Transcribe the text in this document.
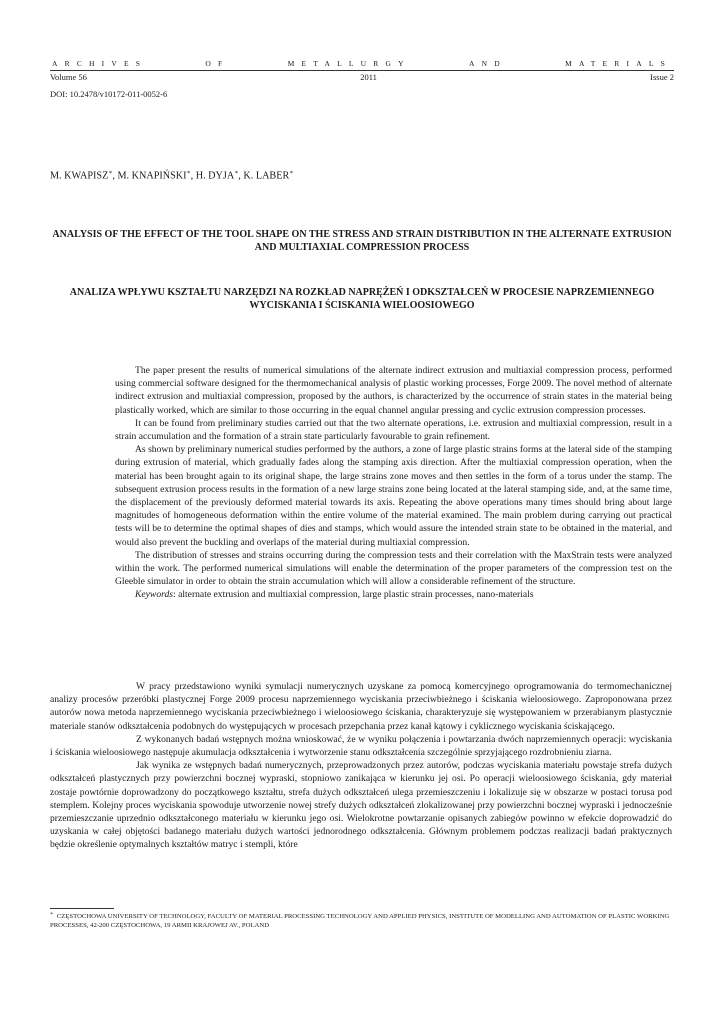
ARCHIVES	OF	METALLURGY	AND	MATERIALS
Volume 56	2011	Issue 2
DOI: 10.2478/v10172-011-0052-6
M. KWAPISZ∗, M. KNAPIŃSKI∗, H. DYJA∗, K. LABER∗
ANALYSIS OF THE EFFECT OF THE TOOL SHAPE ON THE STRESS AND STRAIN DISTRIBUTION IN THE ALTERNATE EXTRUSION AND MULTIAXIAL COMPRESSION PROCESS
ANALIZA WPŁYWU KSZTAŁTU NARZĘDZI NA ROZKŁAD NAPRĘŻEŃ I ODKSZTAŁCEŃ W PROCESIE NAPRZEMIENNEGO WYCISKANIA I ŚCISKANIA WIELOOSIOWEGO

The paper present the results of numerical simulations of the alternate indirect extrusion and multiaxial compression process, performed using commercial software designed for the thermomechanical analysis of plastic working processes, Forge 2009. The novel method of alternate indirect extrusion and multiaxial compression, proposed by the authors, is characterized by the occurrence of strain states in the material being plastically worked, which are similar to those occurring in the equal channel angular pressing and cyclic extrusion compression processes.

It can be found from preliminary studies carried out that the two alternate operations, i.e. extrusion and multiaxial compression, result in a strain accumulation and the formation of a strain state particularly favourable to grain refinement.

As shown by preliminary numerical studies performed by the authors, a zone of large plastic strains forms at the lateral side of the stamping during extrusion of material, which gradually fades along the stamping axis direction. After the multiaxial compression operation, when the material has been brought again to its original shape, the large strains zone moves and then settles in the form of a torus under the stamp. The subsequent extrusion process results in the formation of a new large strains zone being located at the lateral stamping side, and, at the same time, the displacement of the previously deformed material towards its axis. Repeating the above operations many times should bring about large magnitudes of homogeneous deformation within the entire volume of the material examined. The main problem during carrying out practical tests will be to determine the optimal shapes of dies and stamps, which would assure the intended strain state to be obtained in the material, and would also prevent the buckling and overlaps of the material during multiaxial compression.

The distribution of stresses and strains occurring during the compression tests and their correlation with the MaxStrain tests were analyzed within the work. The performed numerical simulations will enable the determination of the proper parameters of the compression test on the Gleeble simulator in order to obtain the strain accumulation which will allow a considerable refinement of the structure.

Keywords: alternate extrusion and multiaxial compression, large plastic strain processes, nano-materials

W pracy przedstawiono wyniki symulacji numerycznych uzyskane za pomocą komercyjnego oprogramowania do termomechanicznej analizy procesów przeróbki plastycznej Forge 2009 procesu naprzemiennego wyciskania przeciwbieżnego i ściskania wieloosiowego. Zaproponowana przez autorów nowa metoda naprzemiennego wyciskania przeciwbieżnego i wieloosiowego ściskania, charakteryzuje się występowaniem w przerabianym plastycznie materiale stanów odkształcenia podobnych do występujących w procesach przepchania przez kanał kątowy i cyklicznego wyciskania ściskającego.

Z wykonanych badań wstępnych można wnioskować, że w wyniku połączenia i powtarzania dwóch naprzemiennych operacji: wyciskania i ściskania wieloosiowego następuje akumulacja odkształcenia i wytworzenie stanu odkształcenia szczególnie sprzyjającego rozdrobnieniu ziarna.

Jak wynika ze wstępnych badań numerycznych, przeprowadzonych przez autorów, podczas wyciskania materiału powstaje strefa dużych odkształceń plastycznych przy powierzchni bocznej wypraski, stopniowo zanikająca w kierunku jej osi. Po operacji wieloosiowego ściskania, gdy materiał zostaje powtórnie doprowadzony do początkowego kształtu, strefa dużych odkształceń ulega przemieszczeniu i lokalizuje się w obszarze w postaci torusa pod stemplem. Kolejny proces wyciskania spowoduje utworzenie nowej strefy dużych odkształceń zlokalizowanej przy powierzchni bocznej wypraski i jednocześnie przemieszczanie uprzednio odkształconego materiału w kierunku jego osi. Wielokrotne powtarzanie opisanych zabiegów powinno w efekcie doprowadzić do uzyskania w całej objętości badanego materiału dużych wartości jednorodnego odkształcenia. Głównym problemem podczas realizacji badań praktycznych będzie określenie optymalnych kształtów matryc i stempli, które

∗ CZĘSTOCHOWA UNIVERSITY OF TECHNOLOGY, FACULTY OF MATERIAL PROCESSING TECHNOLOGY AND APPLIED PHYSICS, INSTITUTE OF MODELLING AND AUTOMATION OF PLASTIC WORKING PROCESSES, 42-200 CZĘSTOCHOWA, 19 ARMII KRAJOWEJ AV., POLAND
